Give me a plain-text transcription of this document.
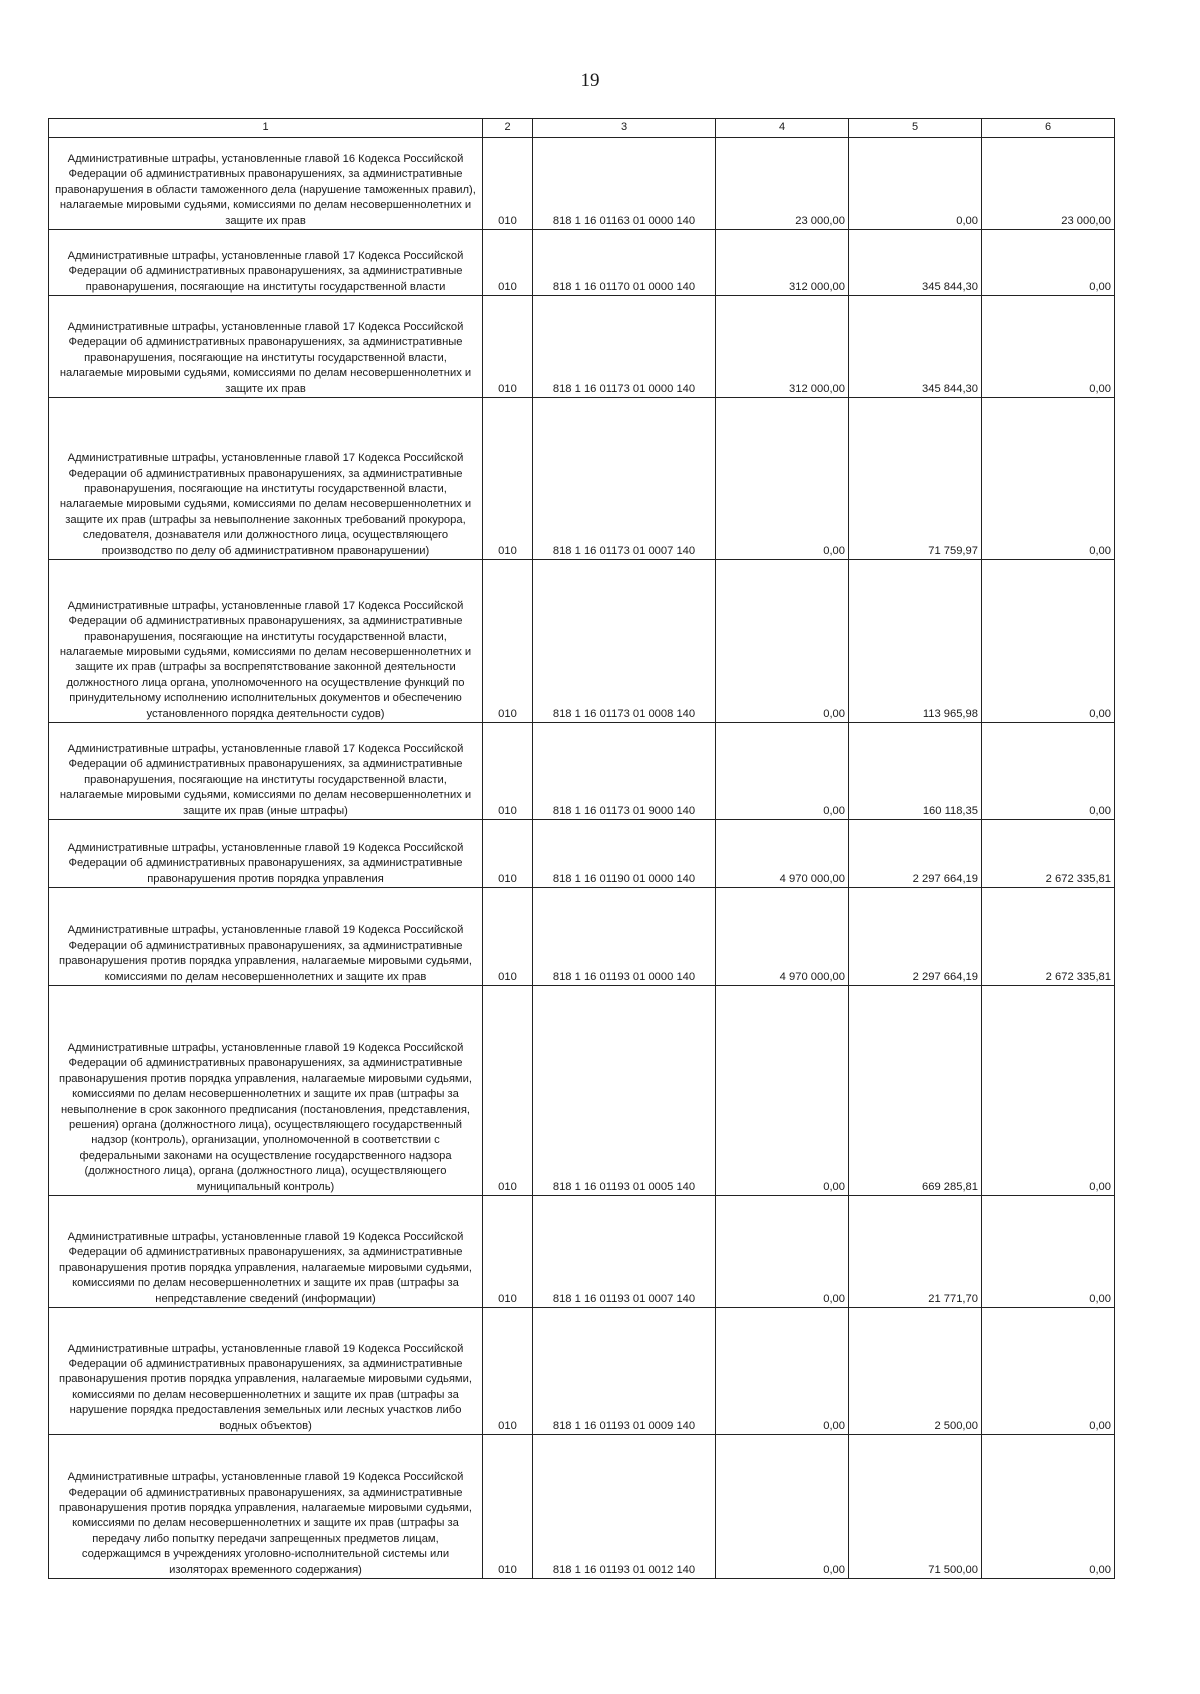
19
1	2	3	4	5	6
Административные штрафы, установленные главой 16 Кодекса Российской Федерации об административных правонарушениях, за административные правонарушения в области таможенного дела (нарушение таможенных правил), налагаемые мировыми судьями, комиссиями по делам несовершеннолетних и защите их прав	010	818 1 16 01163 01 0000 140	23 000,00	0,00	23 000,00
Административные штрафы, установленные главой 17 Кодекса Российской Федерации об административных правонарушениях, за административные правонарушения, посягающие на институты государственной власти	010	818 1 16 01170 01 0000 140	312 000,00	345 844,30	0,00
Административные штрафы, установленные главой 17 Кодекса Российской Федерации об административных правонарушениях, за административные правонарушения, посягающие на институты государственной власти, налагаемые мировыми судьями, комиссиями по делам несовершеннолетних и защите их прав	010	818 1 16 01173 01 0000 140	312 000,00	345 844,30	0,00
Административные штрафы, установленные главой 17 Кодекса Российской Федерации об административных правонарушениях, за административные правонарушения, посягающие на институты государственной власти, налагаемые мировыми судьями, комиссиями по делам несовершеннолетних и защите их прав (штрафы за невыполнение законных требований прокурора, следователя, дознавателя или должностного лица, осуществляющего производство по делу об административном правонарушении)	010	818 1 16 01173 01 0007 140	0,00	71 759,97	0,00
Административные штрафы, установленные главой 17 Кодекса Российской Федерации об административных правонарушениях, за административные правонарушения, посягающие на институты государственной власти, налагаемые мировыми судьями, комиссиями по делам несовершеннолетних и защите их прав (штрафы за воспрепятствование законной деятельности должностного лица органа, уполномоченного на осуществление функций по принудительному исполнению исполнительных документов и обеспечению установленного порядка деятельности судов)	010	818 1 16 01173 01 0008 140	0,00	113 965,98	0,00
Административные штрафы, установленные главой 17 Кодекса Российской Федерации об административных правонарушениях, за административные правонарушения, посягающие на институты государственной власти, налагаемые мировыми судьями, комиссиями по делам несовершеннолетних и защите их прав (иные штрафы)	010	818 1 16 01173 01 9000 140	0,00	160 118,35	0,00
Административные штрафы, установленные главой 19 Кодекса Российской Федерации об административных правонарушениях, за административные правонарушения против порядка управления	010	818 1 16 01190 01 0000 140	4 970 000,00	2 297 664,19	2 672 335,81
Административные штрафы, установленные главой 19 Кодекса Российской Федерации об административных правонарушениях, за административные правонарушения против порядка управления, налагаемые мировыми судьями, комиссиями по делам несовершеннолетних и защите их прав	010	818 1 16 01193 01 0000 140	4 970 000,00	2 297 664,19	2 672 335,81
Административные штрафы, установленные главой 19 Кодекса Российской Федерации об административных правонарушениях, за административные правонарушения против порядка управления, налагаемые мировыми судьями, комиссиями по делам несовершеннолетних и защите их прав (штрафы за невыполнение в срок законного предписания (постановления, представления, решения) органа (должностного лица), осуществляющего государственный надзор (контроль), организации, уполномоченной в соответствии с федеральными законами на осуществление государственного надзора (должностного лица), органа (должностного лица), осуществляющего муниципальный контроль)	010	818 1 16 01193 01 0005 140	0,00	669 285,81	0,00
Административные штрафы, установленные главой 19 Кодекса Российской Федерации об административных правонарушениях, за административные правонарушения против порядка управления, налагаемые мировыми судьями, комиссиями по делам несовершеннолетних и защите их прав (штрафы за непредставление сведений (информации)	010	818 1 16 01193 01 0007 140	0,00	21 771,70	0,00
Административные штрафы, установленные главой 19 Кодекса Российской Федерации об административных правонарушениях, за административные правонарушения против порядка управления, налагаемые мировыми судьями, комиссиями по делам несовершеннолетних и защите их прав (штрафы за нарушение порядка предоставления земельных или лесных участков либо водных объектов)	010	818 1 16 01193 01 0009 140	0,00	2 500,00	0,00
Административные штрафы, установленные главой 19 Кодекса Российской Федерации об административных правонарушениях, за административные правонарушения против порядка управления, налагаемые мировыми судьями, комиссиями по делам несовершеннолетних и защите их прав (штрафы за передачу либо попытку передачи запрещенных предметов лицам, содержащимся в учреждениях уголовно-исполнительной системы или изоляторах временного содержания)	010	818 1 16 01193 01 0012 140	0,00	71 500,00	0,00
